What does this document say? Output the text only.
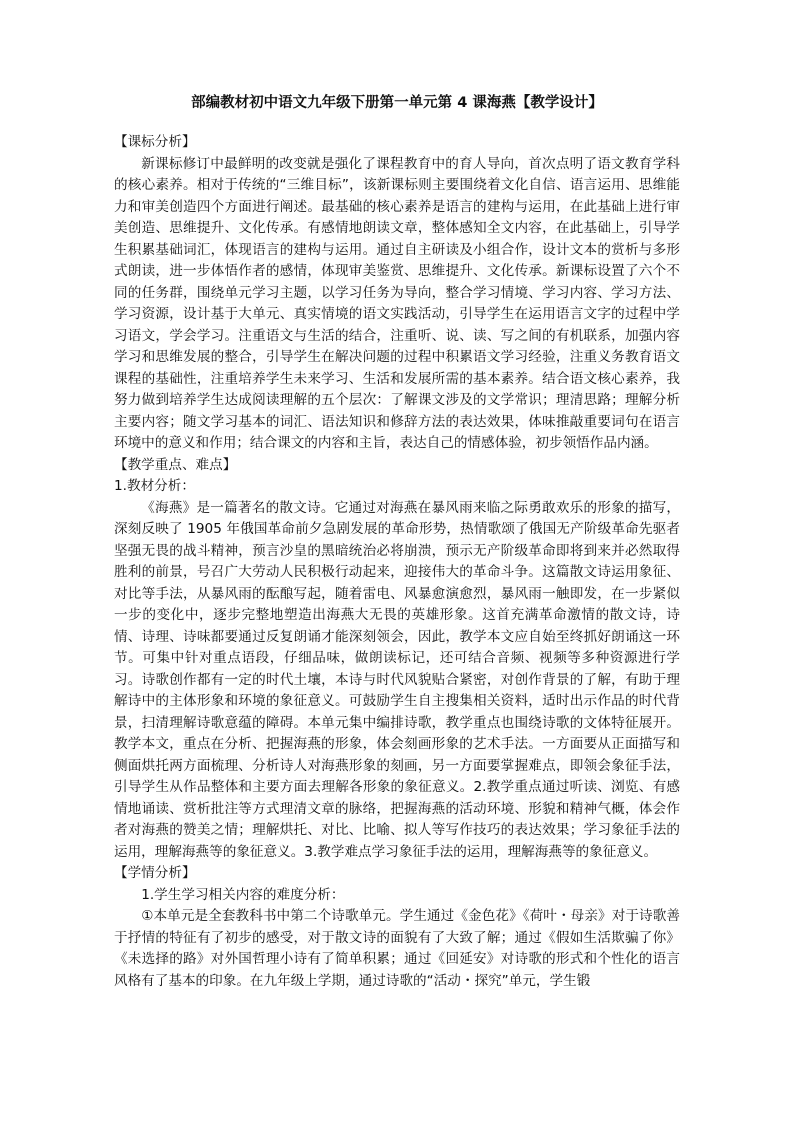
部编教材初中语文九年级下册第一单元第 4 课海燕【教学设计】
【课标分析】

新课标修订中最鲜明的改变就是强化了课程教育中的育人导向，首次点明了语文教育学科的核心素养。相对于传统的“三维目标”，该新课标则主要围绕着文化自信、语言运用、思维能力和审美创造四个方面进行阐述。最基础的核心素养是语言的建构与运用，在此基础上进行审美创造、思维提升、文化传承。有感情地朗读文章，整体感知全文内容，在此基础上，引导学生积累基础词汇，体现语言的建构与运用。通过自主研读及小组合作，设计文本的赏析与多形式朗读，进一步体悟作者的感情，体现审美鉴赏、思维提升、文化传承。新课标设置了六个不同的任务群，围绕单元学习主题，以学习任务为导向，整合学习情境、学习内容、学习方法、学习资源，设计基于大单元、真实情境的语文实践活动，引导学生在运用语言文字的过程中学习语文，学会学习。注重语文与生活的结合，注重听、说、读、写之间的有机联系，加强内容学习和思维发展的整合，引导学生在解决问题的过程中积累语文学习经验，注重义务教育语文课程的基础性，注重培养学生未来学习、生活和发展所需的基本素养。结合语文核心素养，我努力做到培养学生达成阅读理解的五个层次：了解课文涉及的文学常识；理清思路；理解分析主要内容；随文学习基本的词汇、语法知识和修辞方法的表达效果，体味推敲重要词句在语言环境中的意义和作用；结合课文的内容和主旨，表达自己的情感体验，初步领悟作品内涵。

【教学重点、难点】
1.教材分析：

《海燕》是一篇著名的散文诗。它通过对海燕在暴风雨来临之际勇敢欢乐的形象的描写，深刻反映了 1905 年俄国革命前夕急剧发展的革命形势，热情歌颂了俄国无产阶级革命先驱者坚强无畏的战斗精神，预言沙皇的黑暗统治必将崩溃，预示无产阶级革命即将到来并必然取得胜利的前景，号召广大劳动人民积极行动起来，迎接伟大的革命斗争。这篇散文诗运用象征、对比等手法，从暴风雨的酝酿写起，随着雷电、风暴愈演愈烈，暴风雨一触即发，在一步紧似一步的变化中，逐步完整地塑造出海燕大无畏的英雄形象。这首充满革命激情的散文诗，诗情、诗理、诗味都要通过反复朗诵才能深刻领会，因此，教学本文应自始至终抓好朗诵这一环节。可集中针对重点语段，仔细品味，做朗读标记，还可结合音频、视频等多种资源进行学习。诗歌创作都有一定的时代土壤，本诗与时代风貌贴合紧密，对创作背景的了解，有助于理解诗中的主体形象和环境的象征意义。可鼓励学生自主搜集相关资料，适时出示作品的时代背景，扫清理解诗歌意蕴的障碍。本单元集中编排诗歌，教学重点也围绕诗歌的文体特征展开。教学本文，重点在分析、把握海燕的形象，体会刻画形象的艺术手法。一方面要从正面描写和侧面烘托两方面梳理、分析诗人对海燕形象的刻画，另一方面要掌握难点，即领会象征手法，引导学生从作品整体和主要方面去理解各形象的象征意义。2.教学重点通过听读、浏览、有感情地诵读、赏析批注等方式理清文章的脉络，把握海燕的活动环境、形貌和精神气概，体会作者对海燕的赞美之情；理解烘托、对比、比喻、拟人等写作技巧的表达效果；学习象征手法的运用，理解海燕等的象征意义。3.教学难点学习象征手法的运用，理解海燕等的象征意义。

【学情分析】
1.学生学习相关内容的难度分析：

①本单元是全套教科书中第二个诗歌单元。学生通过《金色花》《荷叶・母亲》对于诗歌善于抒情的特征有了初步的感受，对于散文诗的面貌有了大致了解；通过《假如生活欺骗了你》《未选择的路》对外国哲理小诗有了简单积累；通过《回延安》对诗歌的形式和个性化的语言风格有了基本的印象。在九年级上学期，通过诗歌的“活动・探究”单元，学生锻
